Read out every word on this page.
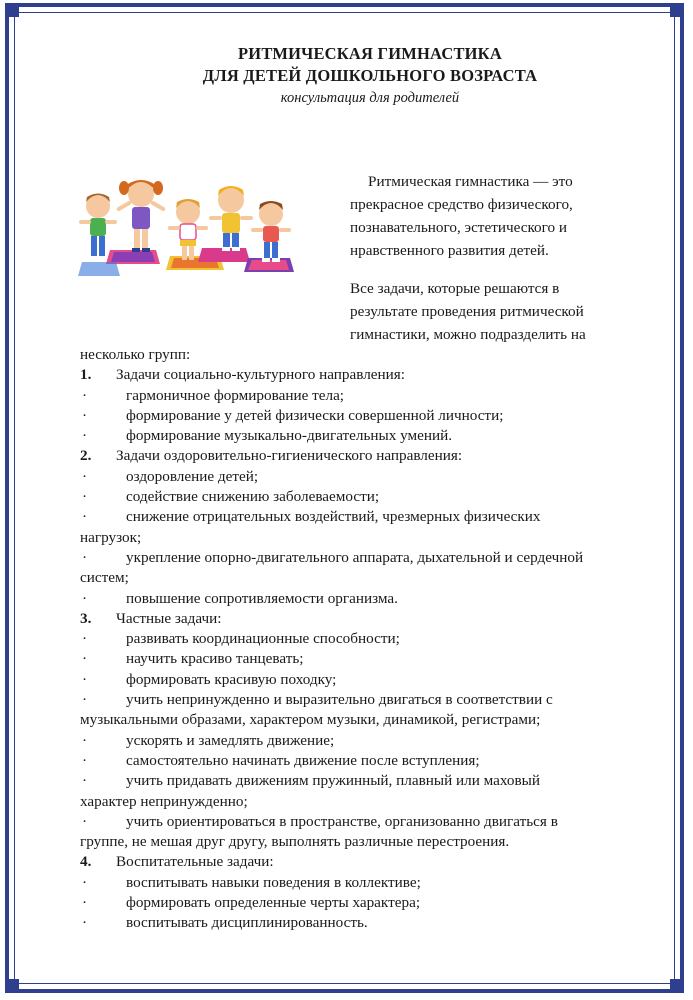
РИТМИЧЕСКАЯ ГИМНАСТИКА
ДЛЯ ДЕТЕЙ ДОШКОЛЬНОГО ВОЗРАСТА
консультация для родителей
Ритмическая гимнастика — это
прекрасное средство физического,
познавательного, эстетического и
нравственного развития детей.
Все задачи, которые решаются в
результате проведения ритмической
гимнастики, можно подразделить на
несколько групп:
1. Задачи социально-культурного направления:
·	гармоничное формирование тела;
·	формирование у детей физически совершенной личности;
·	формирование музыкально-двигательных умений.
2. Задачи оздоровительно-гигиенического направления:
·	оздоровление детей;
·	содействие снижению заболеваемости;
·	снижение отрицательных воздействий, чрезмерных физических
нагрузок;
·	укрепление опорно-двигательного аппарата, дыхательной и сердечной
систем;
·	повышение сопротивляемости организма.
3. Частные задачи:
·	развивать координационные способности;
·	научить красиво танцевать;
·	формировать красивую походку;
·	учить непринужденно и выразительно двигаться в соответствии с
музыкальными образами, характером музыки, динамикой, регистрами;
·	ускорять и замедлять движение;
·	самостоятельно начинать движение после вступления;
·	учить придавать движениям пружинный, плавный или маховый
характер непринужденно;
·	учить ориентироваться в пространстве, организованно двигаться в
группе, не мешая друг другу, выполнять различные перестроения.
4. Воспитательные задачи:
·	воспитывать навыки поведения в коллективе;
·	формировать определенные черты характера;
·	воспитывать дисциплинированность.
